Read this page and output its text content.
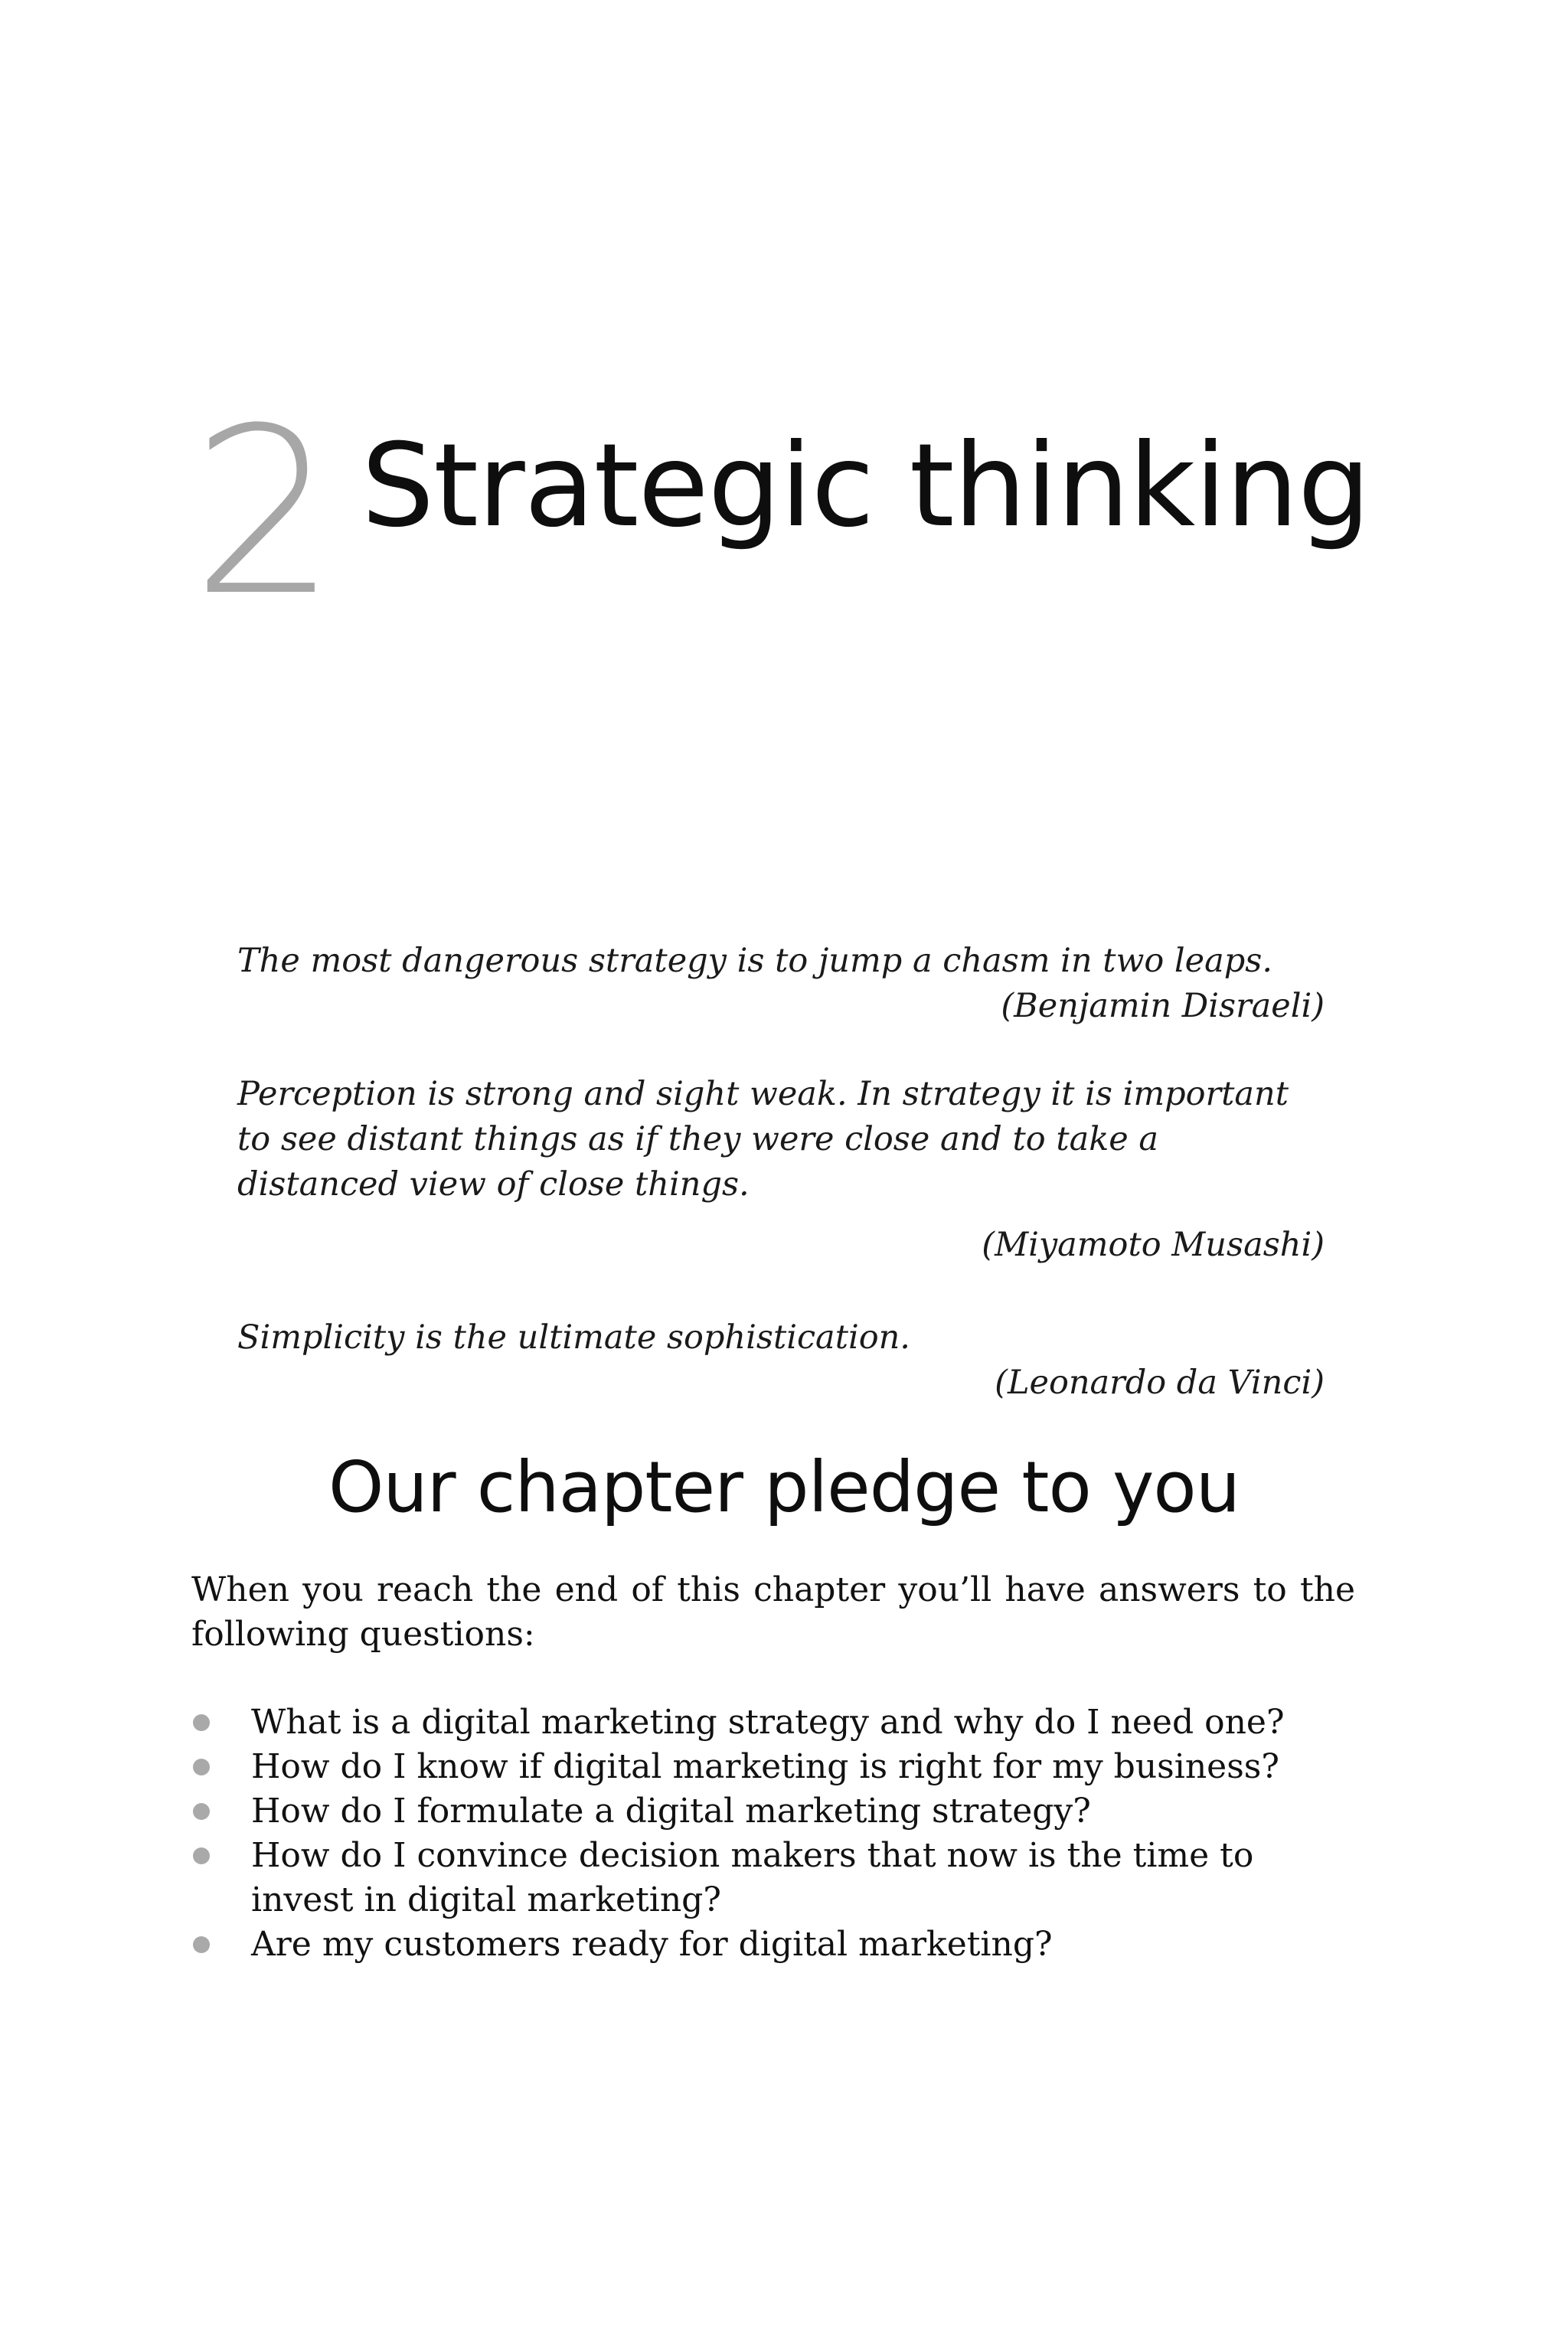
2 Strategic thinking
The most dangerous strategy is to jump a chasm in two leaps.
(Benjamin Disraeli)
Perception is strong and sight weak. In strategy it is important to see distant things as if they were close and to take a distanced view of close things.
(Miyamoto Musashi)
Simplicity is the ultimate sophistication.
(Leonardo da Vinci)
Our chapter pledge to you

When you reach the end of this chapter you’ll have answers to the following questions:

What is a digital marketing strategy and why do I need one?
How do I know if digital marketing is right for my business?
How do I formulate a digital marketing strategy?
How do I convince decision makers that now is the time to invest in digital marketing?
Are my customers ready for digital marketing?
